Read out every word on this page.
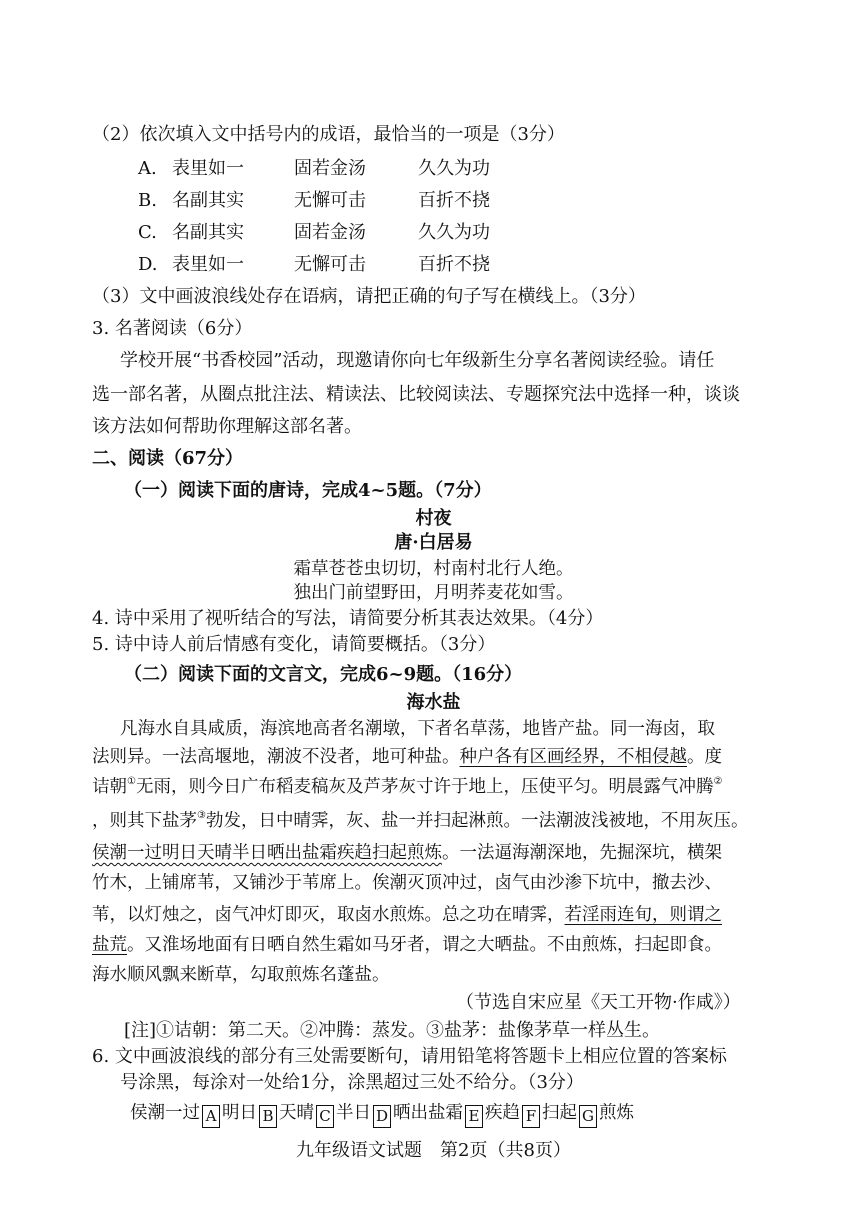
（2）依次填入文中括号内的成语，最恰当的一项是（3分）
A. 表里如一	固若金汤	久久为功
B. 名副其实	无懈可击	百折不挠
C. 名副其实	固若金汤	久久为功
D. 表里如一	无懈可击	百折不挠
（3）文中画波浪线处存在语病，请把正确的句子写在横线上。（3分）
3. 名著阅读（6分）
学校开展“书香校园”活动，现邀请你向七年级新生分享名著阅读经验。请任
选一部名著，从圈点批注法、精读法、比较阅读法、专题探究法中选择一种，谈谈
该方法如何帮助你理解这部名著。
二、阅读（67分）
（一）阅读下面的唐诗，完成4~5题。（7分）
村夜
唐·白居易
霜草苍苍虫切切，村南村北行人绝。
独出门前望野田，月明荞麦花如雪。
4. 诗中采用了视听结合的写法，请简要分析其表达效果。（4分）
5. 诗中诗人前后情感有变化，请简要概括。（3分）
（二）阅读下面的文言文，完成6~9题。（16分）
海水盐
凡海水自具咸质，海滨地高者名潮墩，下者名草荡，地皆产盐。同一海卤，取
法则异。一法高堰地，潮波不没者，地可种盐。种户各有区画经界，不相侵越。度
诘朝①无雨，则今日广布稻麦稿灰及芦茅灰寸许于地上，压使平匀。明晨露气冲腾②
，则其下盐茅③勃发，日中晴霁，灰、盐一并扫起淋煎。一法潮波浅被地，不用灰压。
侯潮一过明日天晴半日晒出盐霜疾趋扫起煎炼。一法逼海潮深地，先掘深坑，横架
竹木，上铺席苇，又铺沙于苇席上。俟潮灭顶冲过，卤气由沙渗下坑中，撤去沙、
苇，以灯烛之，卤气冲灯即灭，取卤水煎炼。总之功在晴霁，若淫雨连旬，则谓之
盐荒。又淮场地面有日晒自然生霜如马牙者，谓之大晒盐。不由煎炼，扫起即食。
海水顺风飘来断草，勾取煎炼名蓬盐。
（节选自宋应星《天工开物·作咸》）
[注]①诘朝：第二天。②冲腾：蒸发。③盐茅：盐像茅草一样丛生。
6. 文中画波浪线的部分有三处需要断句，请用铅笔将答题卡上相应位置的答案标
号涂黑，每涂对一处给1分，涂黑超过三处不给分。（3分）
侯潮一过 A 明日 B 天晴 C 半日 D 晒出盐霜 E 疾趋 F 扫起 G 煎炼
九年级语文试题　第2页（共8页）
